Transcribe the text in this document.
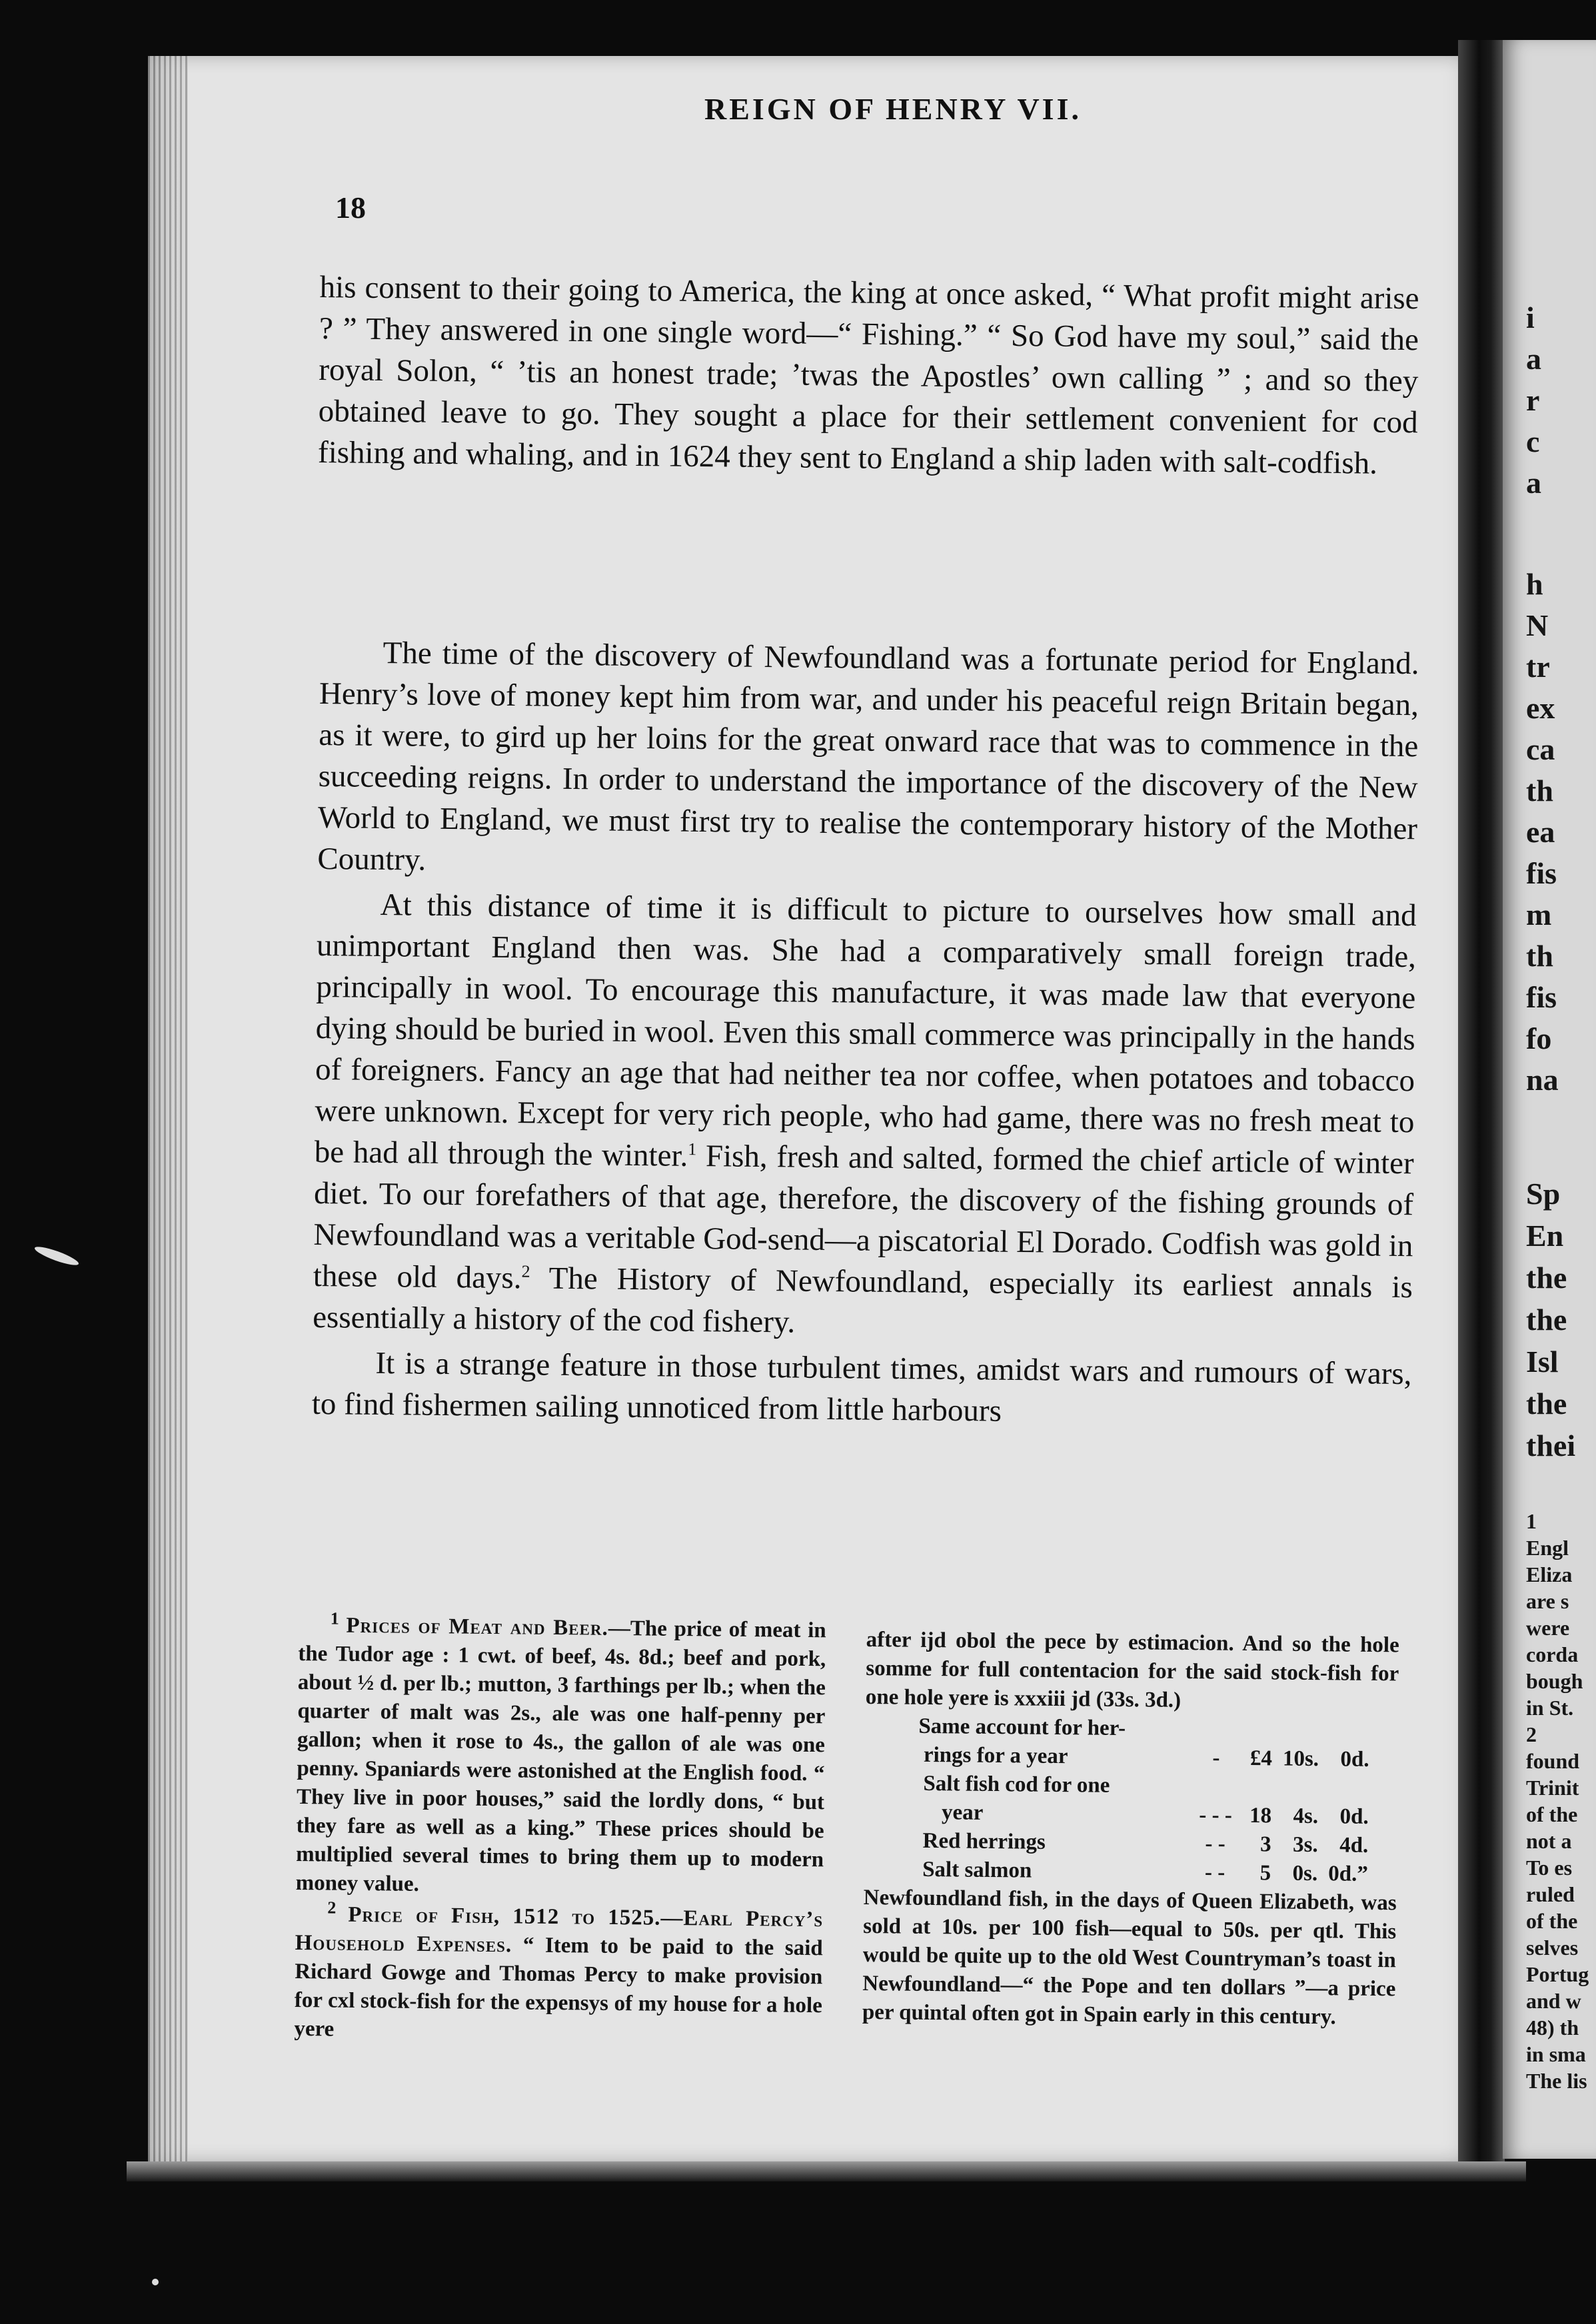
18
REIGN OF HENRY VII.

his consent to their going to America, the king at once asked, “ What profit might arise ? ” They answered in one single word—“ Fishing.” “ So God have my soul,” said the royal Solon, “ ’tis an honest trade; ’twas the Apostles’ own calling ” ; and so they obtained leave to go. They sought a place for their settlement convenient for cod fishing and whaling, and in 1624 they sent to England a ship laden with salt-codfish.

The time of the discovery of Newfoundland was a fortunate period for England. Henry’s love of money kept him from war, and under his peaceful reign Britain began, as it were, to gird up her loins for the great onward race that was to commence in the succeeding reigns. In order to understand the importance of the discovery of the New World to England, we must first try to realise the contemporary history of the Mother Country.

At this distance of time it is difficult to picture to ourselves how small and unimportant England then was. She had a comparatively small foreign trade, principally in wool. To encourage this manufacture, it was made law that everyone dying should be buried in wool. Even this small commerce was principally in the hands of foreigners. Fancy an age that had neither tea nor coffee, when potatoes and tobacco were unknown. Except for very rich people, who had game, there was no fresh meat to be had all through the winter.$^1$ Fish, fresh and salted, formed the chief article of winter diet. To our forefathers of that age, therefore, the discovery of the fishing grounds of Newfoundland was a veritable God-send—a piscatorial El Dorado. Codfish was gold in these old days.$^2$ The History of Newfoundland, especially its earliest annals is essentially a history of the cod fishery.

It is a strange feature in those turbulent times, amidst wars and rumours of wars, to find fishermen sailing unnoticed from little harbours

$^1$ Prices of Meat and Beer.—The price of meat in the Tudor age : 1 cwt. of beef, 4s. 8d.; beef and pork, about ½ d. per lb.; mutton, 3 farthings per lb.; when the quarter of malt was 2s., ale was one half-penny per gallon; when it rose to 4s., the gallon of ale was one penny. Spaniards were astonished at the English food. “ They live in poor houses,” said the lordly dons, “ but they fare as well as a king.” These prices should be multiplied several times to bring them up to modern money value.

$^2$ Price of Fish, 1512 to 1525.—Earl Percy’s Household Expenses. “ Item to be paid to the said Richard Gowge and Thomas Percy to make provision for cxl stock-fish for the expensys of my house for a hole yere

after ijd obol the pece by estimacion. And so the hole somme for full contentacion for the said stock-fish for one hole yere is xxxiii jd (33s. 3d.)

Same account for her-

rings for a year	-	£4	10s.	0d.
Salt fish cod for one				
year	- - -	18	4s.	0d.
Red herrings	- -	3	3s.	4d.
Salt salmon	- -	5	0s.	0d.”

Newfoundland fish, in the days of Queen Elizabeth, was sold at 10s. per 100 fish—equal to 50s. per qtl. This would be quite up to the old West Countryman’s toast in Newfoundland—“ the Pope and ten dollars ”—a price per quintal often got in Spain early in this century.

i
a
r
c
a
h
N
tr
ex
ca
th
ea
fis
m
th
fis
fo
na
Sp
En
the
the
Isl
the
thei
1
Engl
Eliza
are s
were
corda
bough
in St.
2
found
Trinit
of the
not a
To es
ruled
of the
selves
Portug
and w
48) th
in sma
The lis
